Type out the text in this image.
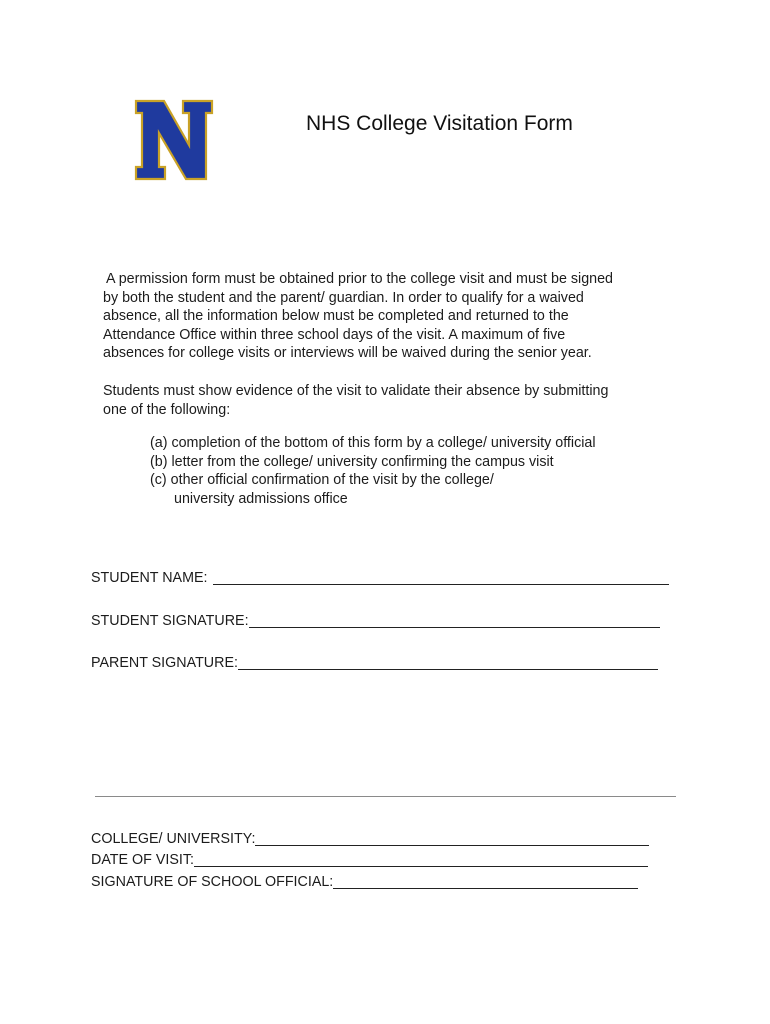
NHS College Visitation Form
A permission form must be obtained prior to the college visit and must be signed
by both the student and the parent/ guardian. In order to qualify for a waived
absence, all the information below must be completed and returned to the
Attendance Office within three school days of the visit. A maximum of five
absences for college visits or interviews will be waived during the senior year.
Students must show evidence of the visit to validate their absence by submitting
one of the following:
(a) completion of the bottom of this form by a college/ university official
(b) letter from the college/ university confirming the campus visit
(c) other official confirmation of the visit by the college/
university admissions office
STUDENT NAME:
STUDENT SIGNATURE:
PARENT SIGNATURE:
COLLEGE/ UNIVERSITY:
DATE OF VISIT:
SIGNATURE OF SCHOOL OFFICIAL:
